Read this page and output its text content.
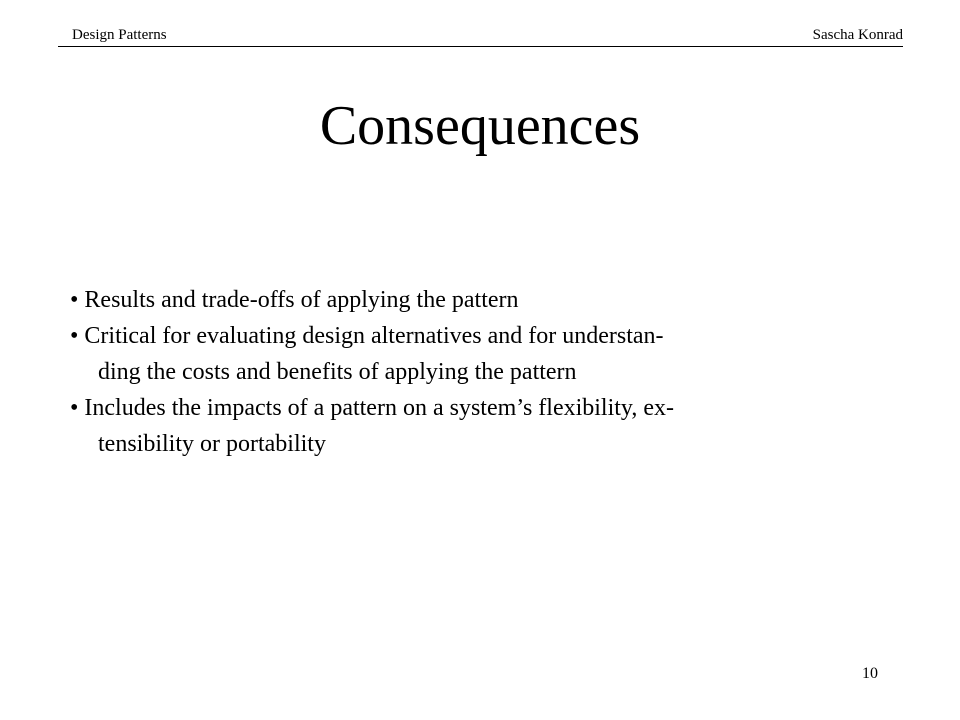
Design Patterns	Sascha Konrad
Consequences
• Results and trade-offs of applying the pattern
• Critical for evaluating design alternatives and for understan-
ding the costs and benefits of applying the pattern
• Includes the impacts of a pattern on a system’s flexibility, ex-
tensibility or portability
10
